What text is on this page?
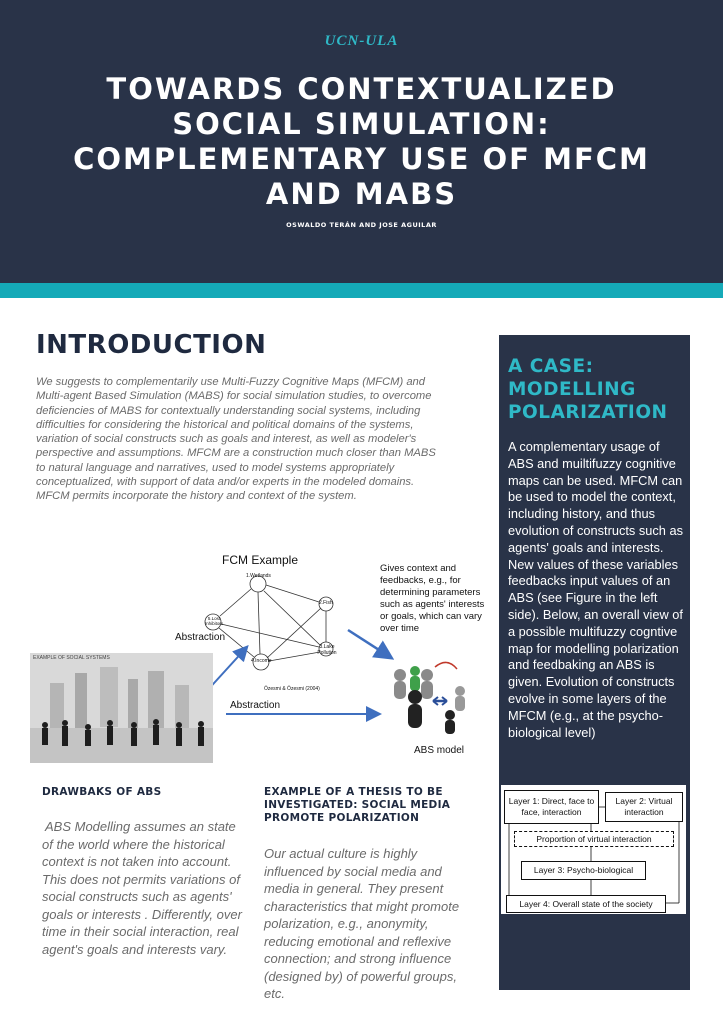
UCN-ULA
TOWARDS CONTEXTUALIZED
SOCIAL SIMULATION:
COMPLEMENTARY USE OF MFCM
AND MABS
OSWALDO TERÁN AND JOSE AGUILAR
INTRODUCTION

We suggests to complementarily use Multi-Fuzzy Cognitive Maps (MFCM) and Multi-agent Based Simulation (MABS) for social simulation studies, to overcome deficiencies of MABS for contextually understanding social systems, including difficulties for considering the historical and political domains of the systems, variation of social constructs such as goals and interest, as well as modeler's perspective and assumptions. MFCM are a construction much closer than MABS to natural language and narratives, used to model systems appropriately conceptualized, with support of data and/or experts in the modeled domains. MFCM permits incorporate the history and context of the system.

FCM Example
1.Wetlands
2.Fish
3.Lake Pollution
4.Income
5.Lost Inhibitors
Özesmi & Özesmi (2004)
Gives context and feedbacks, e.g., for determining parameters such as agents' interests or goals, which can vary over time
Abstraction
Abstraction
EXAMPLE OF SOCIAL SYSTEMS
ABS model
DRAWBAKS OF ABS

ABS Modelling assumes an state of the world where the historical context is not taken into account. This does not permits variations of social constructs such as agents' goals or interests . Differently, over time in their social interaction, real agent's goals and interests vary.

EXAMPLE OF A THESIS TO BE INVESTIGATED: SOCIAL MEDIA PROMOTE POLARIZATION

Our actual culture is highly influenced by social media and media in general. They present characteristics that might promote polarization, e.g., anonymity, reducing emotional and reflexive connection; and strong influence (designed by) of powerful groups, etc.

A CASE:
MODELLING
POLARIZATION

A complementary usage of ABS and muiltifuzzy cognitive maps can be used. MFCM can be used to model the context, including history, and thus evolution of constructs such as agents' goals and interests. New values of these variables feedbacks input values of an ABS (see Figure in the left side). Below, an overall view of a possible multifuzzy cogntive map for modelling polarization and feedbaking an ABS is given. Evolution of constructs evolve in some layers of the MFCM (e.g., at the psycho-biological level)

Layer 1: Direct, face to face, interaction
Layer 2: Virtual interaction
Proportion of virtual interaction
Layer 3: Psycho-biological
Layer 4: Overall state of the society
